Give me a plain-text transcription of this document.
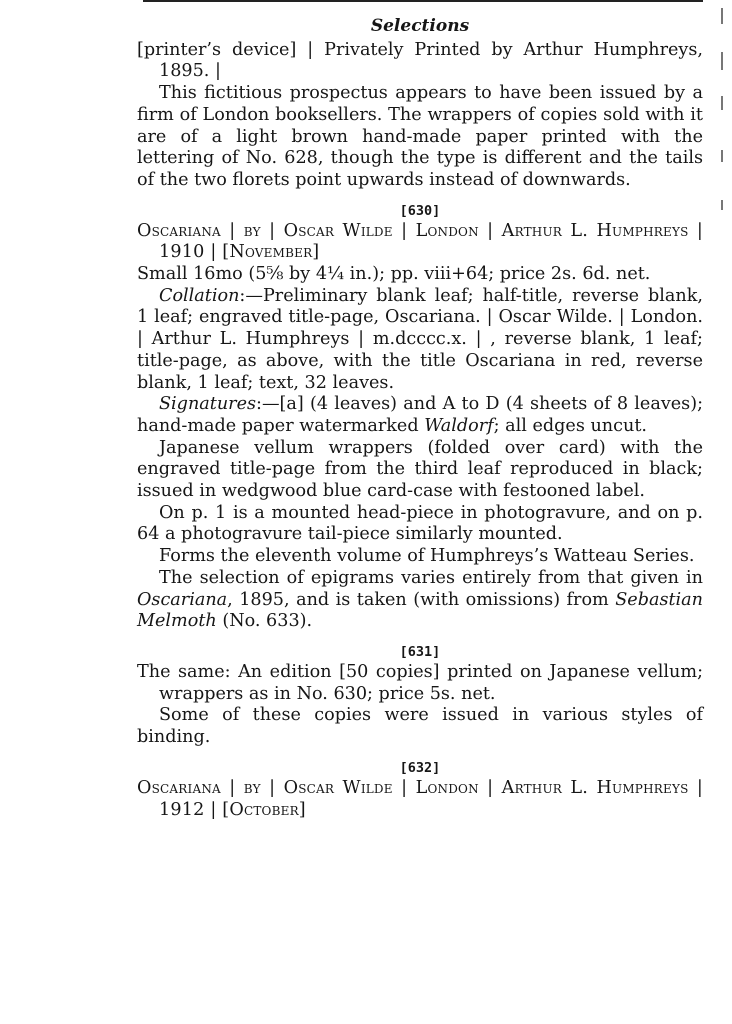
Selections

[printer’s device] | Privately Printed by Arthur Humphreys, 1895. |

This fictitious prospectus appears to have been issued by a firm of London booksellers. The wrappers of copies sold with it are of a light brown hand-made paper printed with the lettering of No. 628, though the type is different and the tails of the two florets point upwards instead of downwards.

[630]

Oscariana | by | Oscar Wilde | London | Arthur L. Humphreys | 1910 | [November]

Small 16mo (5⅝ by 4¼ in.); pp. viii+64; price 2s. 6d. net.

Collation:—Preliminary blank leaf; half-title, reverse blank, 1 leaf; engraved title-page, Oscariana. | Oscar Wilde. | London. | Arthur L. Humphreys | m.dcccc.x. | , reverse blank, 1 leaf; title-page, as above, with the title Oscariana in red, reverse blank, 1 leaf; text, 32 leaves.

Signatures:—[a] (4 leaves) and A to D (4 sheets of 8 leaves); hand-made paper watermarked Waldorf; all edges uncut.

Japanese vellum wrappers (folded over card) with the engraved title-page from the third leaf reproduced in black; issued in wedgwood blue card-case with festooned label.

On p. 1 is a mounted head-piece in photogravure, and on p. 64 a photogravure tail-piece similarly mounted.

Forms the eleventh volume of Humphreys’s Watteau Series.

The selection of epigrams varies entirely from that given in Oscariana, 1895, and is taken (with omissions) from Sebastian Melmoth (No. 633).

[631]

The same: An edition [50 copies] printed on Japanese vellum; wrappers as in No. 630; price 5s. net.

Some of these copies were issued in various styles of binding.

[632]

Oscariana | by | Oscar Wilde | London | Arthur L. Humphreys | 1912 | [October]
